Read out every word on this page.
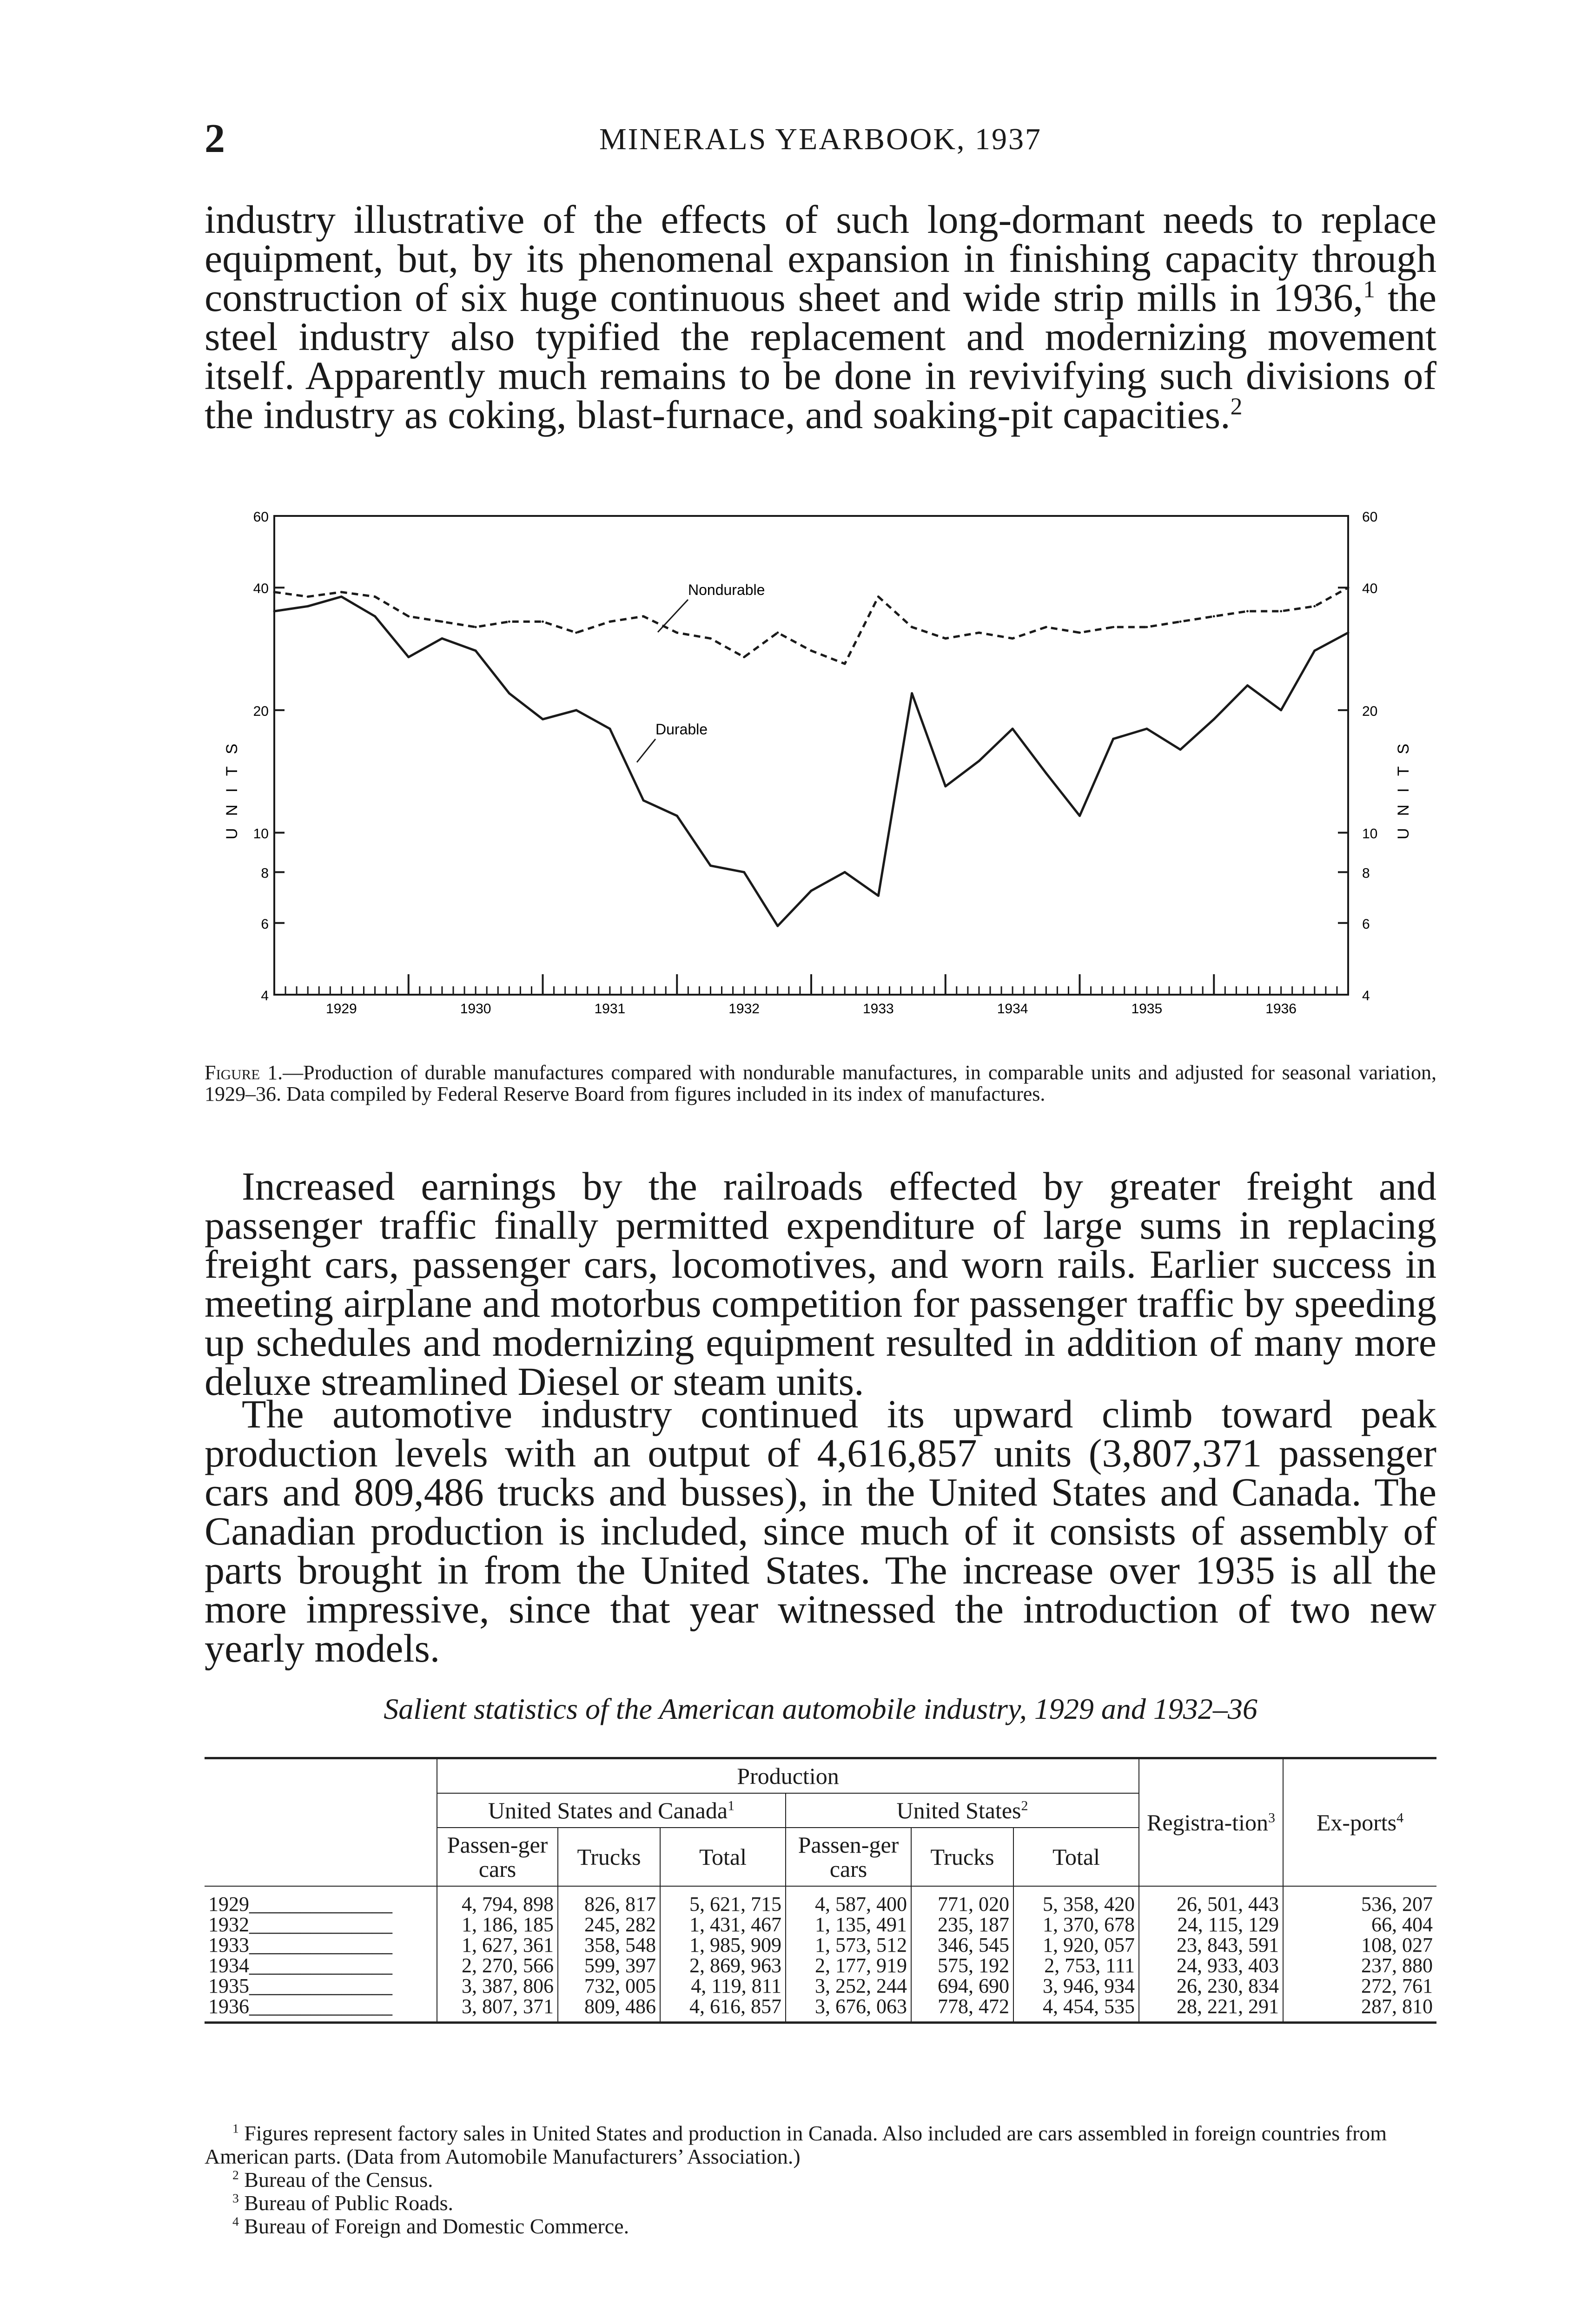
2	MINERALS YEARBOOK, 1937

industry illustrative of the effects of such long-dormant needs to replace equipment, but, by its phenomenal expansion in finishing capacity through construction of six huge continuous sheet and wide strip mills in 1936,$^1$ the steel industry also typified the replacement and modernizing movement itself. Apparently much remains to be done in revivifying such divisions of the industry as coking, blast-furnace, and soaking-pit capacities.$^2$

60	60
40	40
20	20
10	10
8	8
6	6
4	4
1929	1930	1931	1932	1933	1934	1935	1936
UNITS	UNITS
Nondurable
Durable

Figure 1.—Production of durable manufactures compared with nondurable manufactures, in comparable units and adjusted for seasonal variation, 1929–36. Data compiled by Federal Reserve Board from figures included in its index of manufactures.

Increased earnings by the railroads effected by greater freight and passenger traffic finally permitted expenditure of large sums in replacing freight cars, passenger cars, locomotives, and worn rails. Earlier success in meeting airplane and motorbus competition for passenger traffic by speeding up schedules and modernizing equipment resulted in addition of many more deluxe streamlined Diesel or steam units.

The automotive industry continued its upward climb toward peak production levels with an output of 4,616,857 units (3,807,371 passenger cars and 809,486 trucks and busses), in the United States and Canada. The Canadian production is included, since much of it consists of assembly of parts brought in from the United States. The increase over 1935 is all the more impressive, since that year witnessed the introduction of two new yearly models.

Salient statistics of the American automobile industry, 1929 and 1932–36
	Production						Registra-tion$^3$	Ex-ports$^4$
	United States and Canada$^1$			United States$^2$
	Passen-ger cars	Trucks	Total	Passen-ger cars	Trucks	Total		
1929______________	4, 794, 898	826, 817	5, 621, 715	4, 587, 400	771, 020	5, 358, 420	26, 501, 443	536, 207
1932______________	1, 186, 185	245, 282	1, 431, 467	1, 135, 491	235, 187	1, 370, 678	24, 115, 129	66, 404
1933______________	1, 627, 361	358, 548	1, 985, 909	1, 573, 512	346, 545	1, 920, 057	23, 843, 591	108, 027
1934______________	2, 270, 566	599, 397	2, 869, 963	2, 177, 919	575, 192	2, 753, 111	24, 933, 403	237, 880
1935______________	3, 387, 806	732, 005	4, 119, 811	3, 252, 244	694, 690	3, 946, 934	26, 230, 834	272, 761
1936______________	3, 807, 371	809, 486	4, 616, 857	3, 676, 063	778, 472	4, 454, 535	28, 221, 291	287, 810

$^1$ Figures represent factory sales in United States and production in Canada. Also included are cars assembled in foreign countries from American parts. (Data from Automobile Manufacturers’ Association.)

$^2$ Bureau of the Census.

$^3$ Bureau of Public Roads.

$^4$ Bureau of Foreign and Domestic Commerce.
